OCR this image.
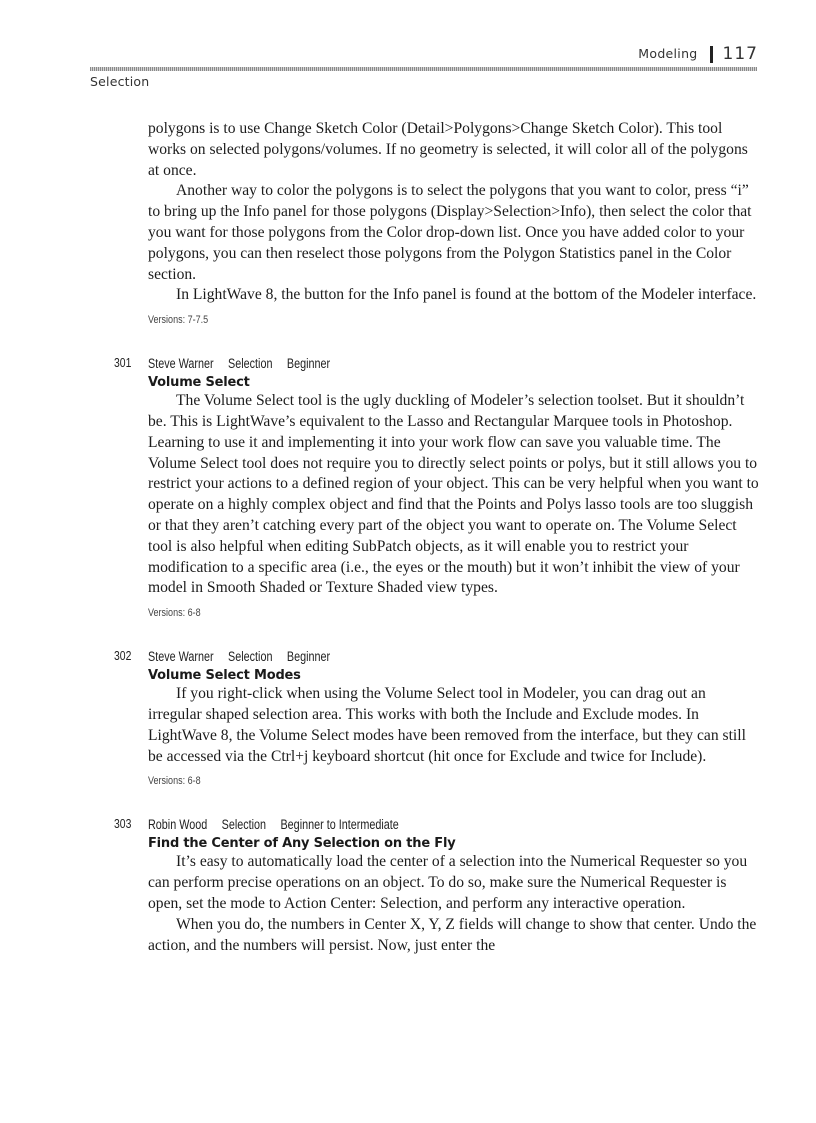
Modeling 117
Selection

polygons is to use Change Sketch Color (Detail>Polygons>Change Sketch Color). This tool works on selected polygons/volumes. If no geometry is selected, it will color all of the polygons at once.

Another way to color the polygons is to select the polygons that you want to color, press “i” to bring up the Info panel for those polygons (Display>Selection>Info), then select the color that you want for those polygons from the Color drop-down list. Once you have added color to your polygons, you can then reselect those polygons from the Polygon Statistics panel in the Color section.

In LightWave 8, the button for the Info panel is found at the bottom of the Modeler interface.

Versions: 7-7.5
301 Steve Warner Selection Beginner
Volume Select

The Volume Select tool is the ugly duckling of Modeler’s selection toolset. But it shouldn’t be. This is LightWave’s equivalent to the Lasso and Rectangular Marquee tools in Photoshop. Learning to use it and implementing it into your work flow can save you valuable time. The Volume Select tool does not require you to directly select points or polys, but it still allows you to restrict your actions to a defined region of your object. This can be very helpful when you want to operate on a highly complex object and find that the Points and Polys lasso tools are too sluggish or that they aren’t catching every part of the object you want to operate on. The Volume Select tool is also helpful when editing SubPatch objects, as it will enable you to restrict your modification to a specific area (i.e., the eyes or the mouth) but it won’t inhibit the view of your model in Smooth Shaded or Texture Shaded view types.

Versions: 6-8
302 Steve Warner Selection Beginner
Volume Select Modes

If you right-click when using the Volume Select tool in Modeler, you can drag out an irregular shaped selection area. This works with both the Include and Exclude modes. In LightWave 8, the Volume Select modes have been removed from the interface, but they can still be accessed via the Ctrl+j keyboard shortcut (hit once for Exclude and twice for Include).

Versions: 6-8
303 Robin Wood Selection Beginner to Intermediate
Find the Center of Any Selection on the Fly

It’s easy to automatically load the center of a selection into the Numerical Requester so you can perform precise operations on an object. To do so, make sure the Numerical Requester is open, set the mode to Action Center: Selection, and perform any interactive operation.

When you do, the numbers in Center X, Y, Z fields will change to show that center. Undo the action, and the numbers will persist. Now, just enter the
